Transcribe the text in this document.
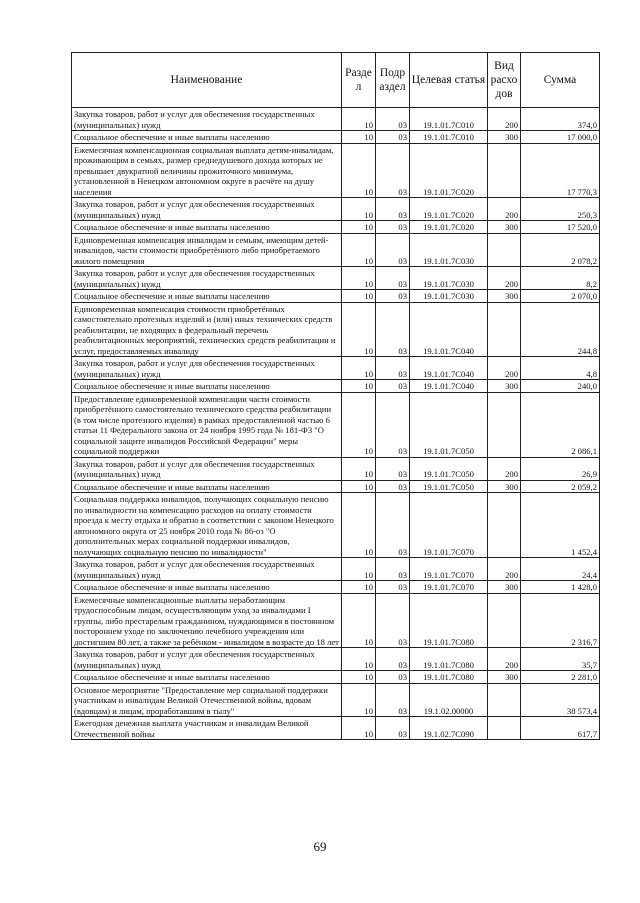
Наименование	Разде л	Подр аздел	Целевая статья	Вид расхо дов	Сумма
Закупка товаров, работ и услуг для обеспечения государственных (муниципальных) нужд	10	03	19.1.01.7С010	200	374,0
Социальное обеспечение и иные выплаты населению	10	03	19.1.01.7С010	300	17 000,0
Ежемесячная компенсационная социальная выплата детям-инвалидам, проживающим в семьях, размер среднедушевого дохода которых не превышает двукратной величины прожиточного минимума, установленной в Ненецком автономном округе в расчёте на душу населения	10	03	19.1.01.7С020		17 770,3
Закупка товаров, работ и услуг для обеспечения государственных (муниципальных) нужд	10	03	19.1.01.7С020	200	250,3
Социальное обеспечение и иные выплаты населению	10	03	19.1.01.7С020	300	17 520,0
Единовременная компенсация инвалидам и семьям, имеющим детей-инвалидов, части стоимости приобретённого либо приобретаемого жилого помещения	10	03	19.1.01.7С030		2 078,2
Закупка товаров, работ и услуг для обеспечения государственных (муниципальных) нужд	10	03	19.1.01.7С030	200	8,2
Социальное обеспечение и иные выплаты населению	10	03	19.1.01.7С030	300	2 070,0
Единовременная компенсация стоимости приобретённых самостоятельно протезных изделий и (или) иных технических средств реабилитации, не входящих в федеральный перечень реабилитационных мероприятий, технических средств реабилитации и услуг, предоставляемых инвалиду	10	03	19.1.01.7С040		244,8
Закупка товаров, работ и услуг для обеспечения государственных (муниципальных) нужд	10	03	19.1.01.7С040	200	4,8
Социальное обеспечение и иные выплаты населению	10	03	19.1.01.7С040	300	240,0
Предоставление единовременной компенсации части стоимости приобретённого самостоятельно технического средства реабилитации (в том числе протезного изделия) в рамках предоставленной частью 6 статьи 11 Федерального закона от 24 ноября 1995 года № 181-ФЗ "О социальной защите инвалидов Российской Федерации" меры социальной поддержки	10	03	19.1.01.7С050		2 086,1
Закупка товаров, работ и услуг для обеспечения государственных (муниципальных) нужд	10	03	19.1.01.7С050	200	26,9
Социальное обеспечение и иные выплаты населению	10	03	19.1.01.7С050	300	2 059,2
Социальная поддержка инвалидов, получающих социальную пенсию по инвалидности на компенсацию расходов на оплату стоимости проезда к месту отдыха и обратно в соответствии с законом Ненецкого автономного округа от 25 ноября 2010 года № 86-оз "О дополнительных мерах социальной поддержки инвалидов, получающих социальную пенсию по инвалидности"	10	03	19.1.01.7С070		1 452,4
Закупка товаров, работ и услуг для обеспечения государственных (муниципальных) нужд	10	03	19.1.01.7С070	200	24,4
Социальное обеспечение и иные выплаты населению	10	03	19.1.01.7С070	300	1 428,0
Ежемесячные компенсационные выплаты неработающим трудоспособным лицам, осуществляющим уход за инвалидами I группы, либо престарелым гражданином, нуждающимся в постоянном постороннем уходе по заключению лечебного учреждения или достигшим 80 лет, а также за ребёнком - инвалидом в возрасте до 18 лет	10	03	19.1.01.7С080		2 316,7
Закупка товаров, работ и услуг для обеспечения государственных (муниципальных) нужд	10	03	19.1.01.7С080	200	35,7
Социальное обеспечение и иные выплаты населению	10	03	19.1.01.7С080	300	2 281,0
Основное мероприятие "Предоставление мер социальной поддержки участникам и инвалидам Великой Отечественной войны, вдовам (вдовцам) и лицам, проработавшим в тылу"	10	03	19.1.02.00000		38 573,4
Ежегодная денежная выплата участникам и инвалидам Великой Отечественной войны	10	03	19.1.02.7С090		617,7
69
